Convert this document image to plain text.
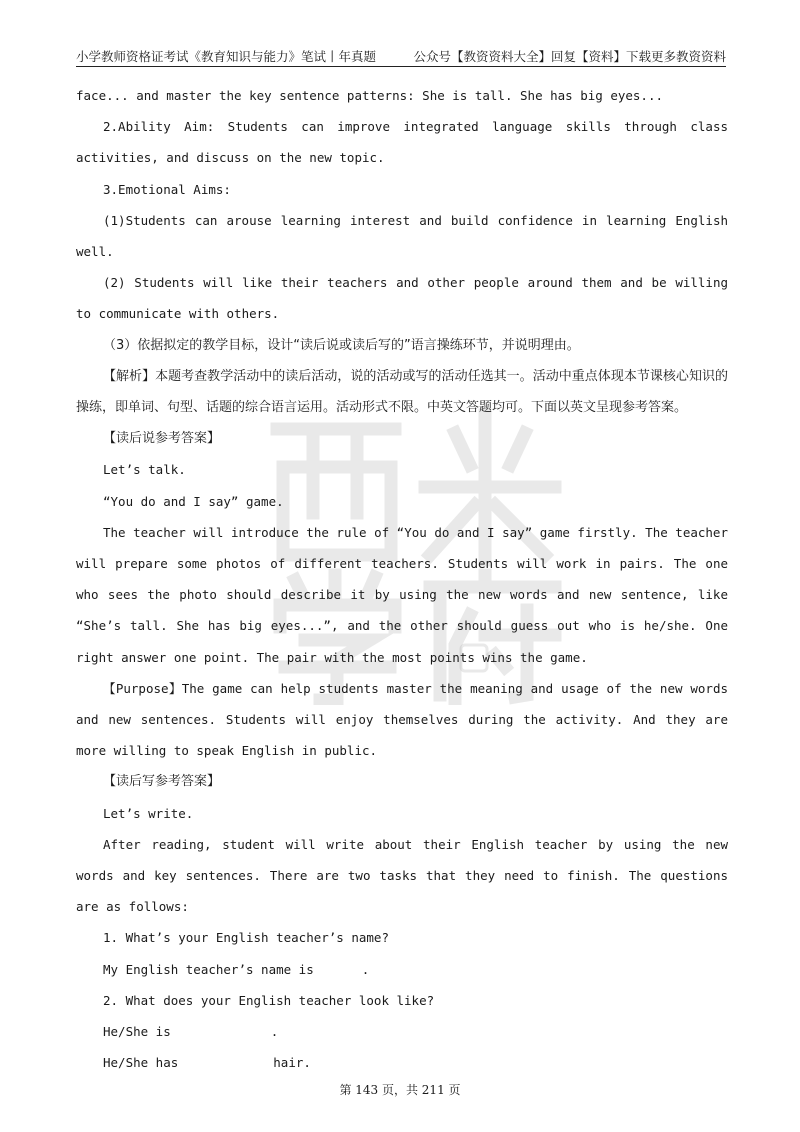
小学教师资格证考试《教育知识与能力》笔试丨年真题	公众号【教资资料大全】回复【资料】下载更多教资资料

face... and master the key sentence patterns: She is tall. She has big eyes...

2.Ability Aim: Students can improve integrated language skills through class activities, and discuss on the new topic.

3.Emotional Aims:

(1)Students can arouse learning interest and build confidence in learning English well.

(2) Students will like their teachers and other people around them and be willing to communicate with others.

（3）依据拟定的教学目标，设计“读后说或读后写的”语言操练环节，并说明理由。

【解析】本题考查教学活动中的读后活动，说的活动或写的活动任选其一。活动中重点体现本节课核心知识的操练，即单词、句型、话题的综合语言运用。活动形式不限。中英文答题均可。下面以英文呈现参考答案。

【读后说参考答案】

Let’s talk.

“You do and I say” game.

The teacher will introduce the rule of “You do and I say” game firstly. The teacher will prepare some photos of different teachers. Students will work in pairs. The one who sees the photo should describe it by using the new words and new sentence, like “She’s tall. She has big eyes...”, and the other should guess out who is he/she. One right answer one point. The pair with the most points wins the game.

【Purpose】The game can help students master the meaning and usage of the new words and new sentences. Students will enjoy themselves during the activity. And they are more willing to speak English in public.

【读后写参考答案】

Let’s write.

After reading, student will write about their English teacher by using the new words and key sentences. There are two tasks that they need to finish. The questions are as follows:

1. What’s your English teacher’s name?

My English teacher’s name is	.

2. What does your English teacher look like?

He/She is	.

He/She has	hair.

第 143 页，共 211 页
